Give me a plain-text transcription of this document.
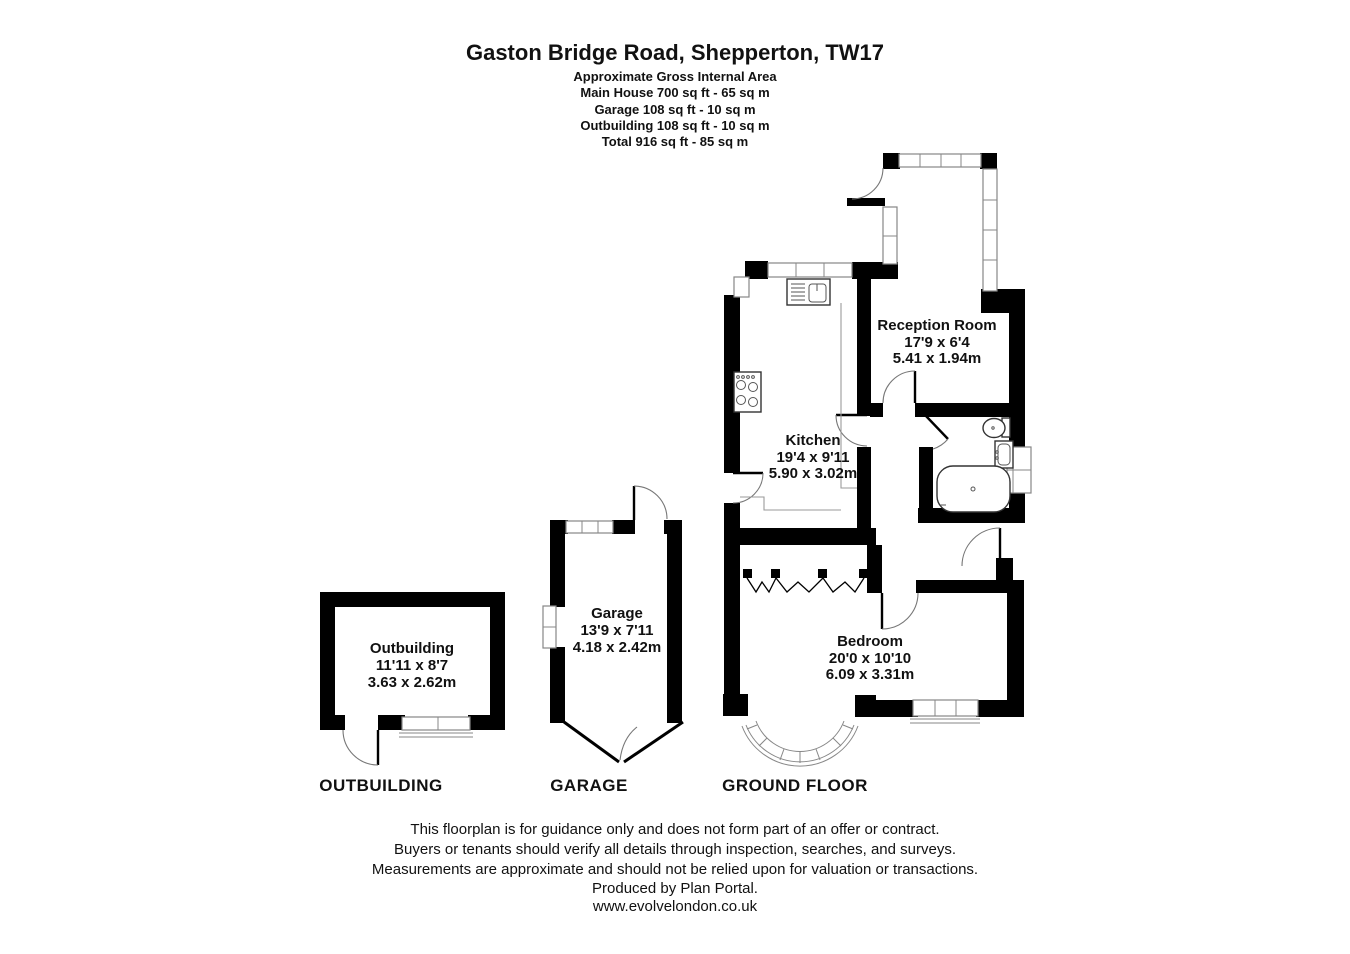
Gaston Bridge Road, Shepperton, TW17
Approximate Gross Internal Area
Main House 700 sq ft - 65 sq m
Garage 108 sq ft - 10 sq m
Outbuilding 108 sq ft - 10 sq m
Total 916 sq ft - 85 sq m
Reception Room
17'9 x 6'4
5.41 x 1.94m
Kitchen
19'4 x 9'11
5.90 x 3.02m
Bedroom
20'0 x 10'10
6.09 x 3.31m
Garage
13'9 x 7'11
4.18 x 2.42m
Outbuilding
11'11 x 8'7
3.63 x 2.62m
OUTBUILDING	GARAGE	GROUND FLOOR
This floorplan is for guidance only and does not form part of an offer or contract.
Buyers or tenants should verify all details through inspection, searches, and surveys.
Measurements are approximate and should not be relied upon for valuation or transactions.
Produced by Plan Portal.
www.evolvelondon.co.uk
